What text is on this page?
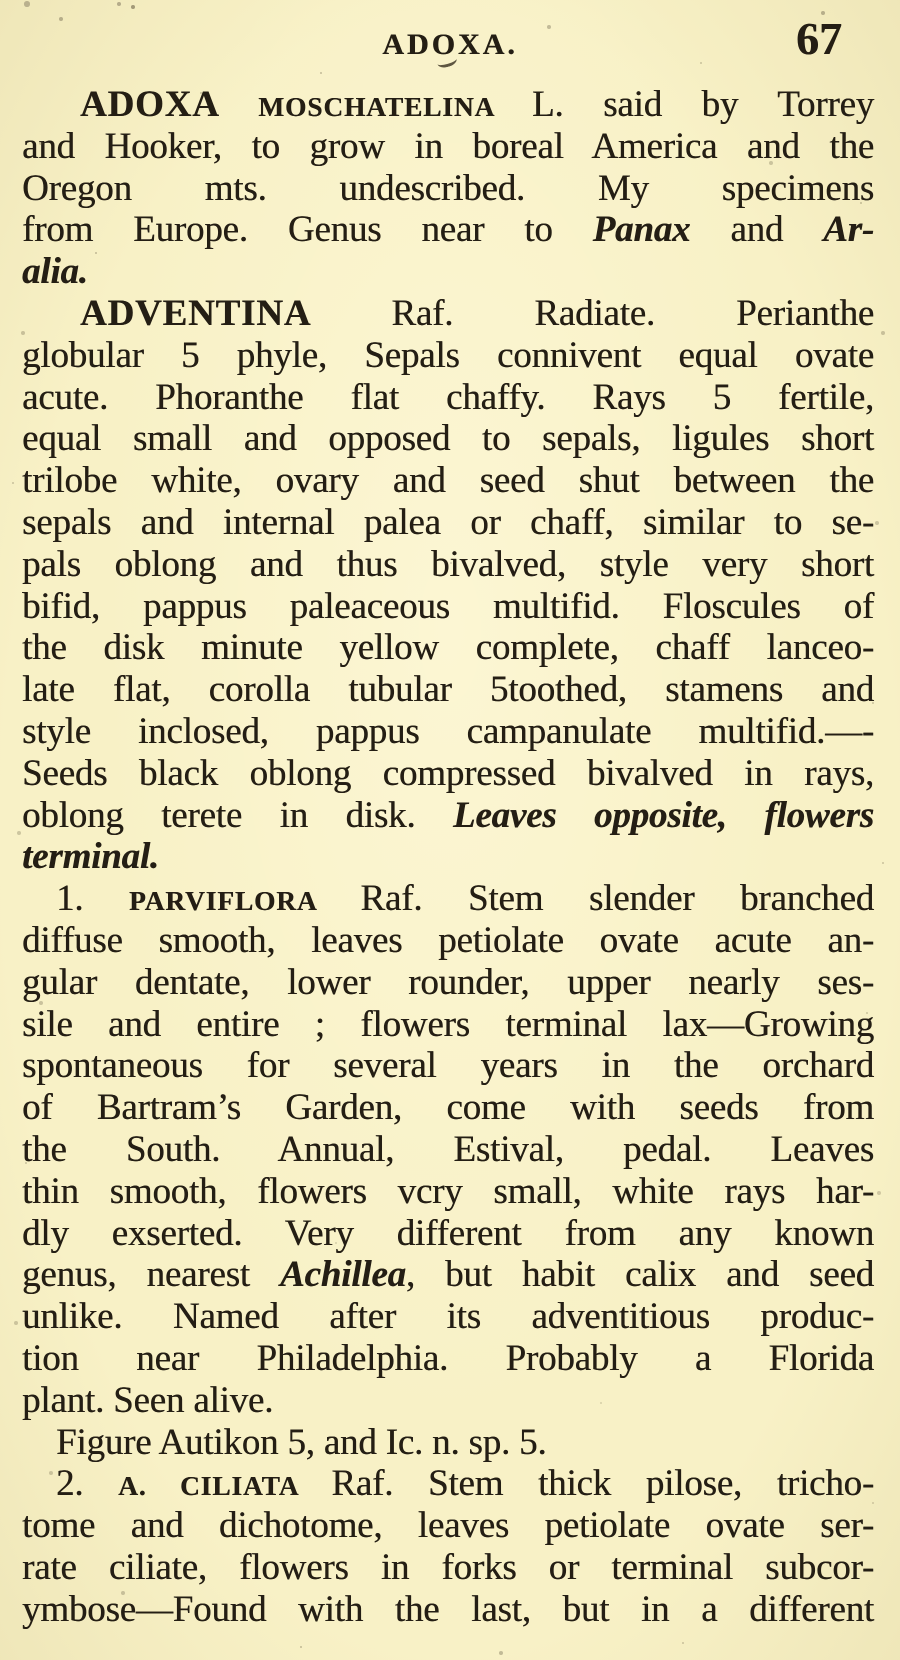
ADOXA.	67
ADOXA MOSCHATELINA L. said by Torrey
and Hooker, to grow in boreal America and the
Oregon mts. undescribed. My specimens
from Europe. Genus near to Panax and Ar-
alia.
ADVENTINA Raf. Radiate. Perianthe
globular 5 phyle, Sepals connivent equal ovate
acute. Phoranthe flat chaffy. Rays 5 fertile,
equal small and opposed to sepals, ligules short
trilobe white, ovary and seed shut between the
sepals and internal palea or chaff, similar to se-
pals oblong and thus bivalved, style very short
bifid, pappus paleaceous multifid. Floscules of
the disk minute yellow complete, chaff lanceo-
late flat, corolla tubular 5toothed, stamens and
style inclosed, pappus campanulate multifid.—-
Seeds black oblong compressed bivalved in rays,
oblong terete in disk. Leaves opposite, flowers
terminal.
1. PARVIFLORA Raf. Stem slender branched
diffuse smooth, leaves petiolate ovate acute an-
gular dentate, lower rounder, upper nearly ses-
sile and entire ; flowers terminal lax—Growing
spontaneous for several years in the orchard
of Bartram’s Garden, come with seeds from
the South. Annual, Estival, pedal. Leaves
thin smooth, flowers vcry small, white rays har-
dly exserted. Very different from any known
genus, nearest Achillea, but habit calix and seed
unlike. Named after its adventitious produc-
tion near Philadelphia. Probably a Florida
plant. Seen alive.
Figure Autikon 5, and Ic. n. sp. 5.
2. A. CILIATA Raf. Stem thick pilose, tricho-
tome and dichotome, leaves petiolate ovate ser-
rate ciliate, flowers in forks or terminal subcor-
ymbose—Found with the last, but in a different
